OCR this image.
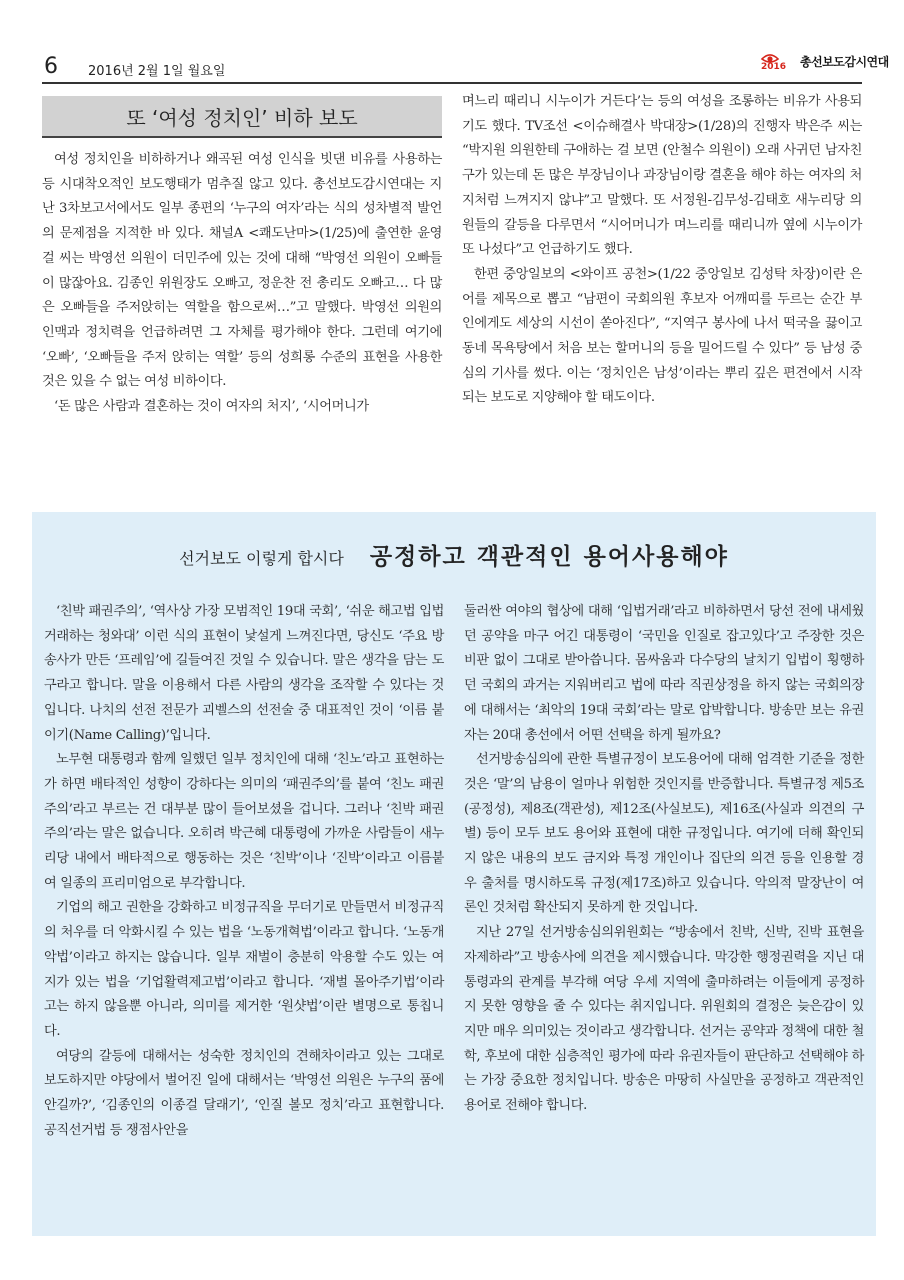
6 2016년 2월 1일 월요일	2016 총선보도감시연대
또 ‘여성 정치인’ 비하 보도

여성 정치인을 비하하거나 왜곡된 여성 인식을 빗댄 비유를 사용하는 등 시대착오적인 보도행태가 멈추질 않고 있다. 총선보도감시연대는 지난 3차보고서에서도 일부 종편의 ‘누구의 여자’라는 식의 성차별적 발언의 문제점을 지적한 바 있다. 채널A <쾌도난마>(1/25)에 출연한 윤영걸 씨는 박영선 의원이 더민주에 있는 것에 대해 “박영선 의원이 오빠들이 많잖아요. 김종인 위원장도 오빠고, 정운찬 전 총리도 오빠고… 다 많은 오빠들을 주저앉히는 역할을 함으로써…”고 말했다. 박영선 의원의 인맥과 정치력을 언급하려면 그 자체를 평가해야 한다. 그런데 여기에 ‘오빠’, ‘오빠들을 주저 앉히는 역할’ 등의 성희롱 수준의 표현을 사용한 것은 있을 수 없는 여성 비하이다.

‘돈 많은 사람과 결혼하는 것이 여자의 처지’, ‘시어머니가

며느리 때리니 시누이가 거든다’는 등의 여성을 조롱하는 비유가 사용되기도 했다. TV조선 <이슈해결사 박대장>(1/28)의 진행자 박은주 씨는 “박지원 의원한테 구애하는 걸 보면 (안철수 의원이) 오래 사귀던 남자친구가 있는데 돈 많은 부장님이나 과장님이랑 결혼을 해야 하는 여자의 처지처럼 느껴지지 않냐”고 말했다. 또 서정원-김무성-김태호 새누리당 의원들의 갈등을 다루면서 “시어머니가 며느리를 때리니까 옆에 시누이가 또 나섰다”고 언급하기도 했다.

한편 중앙일보의 <와이프 공천>(1/22 중앙일보 김성탁 차장)이란 은어를 제목으로 뽑고 “남편이 국회의원 후보자 어깨띠를 두르는 순간 부인에게도 세상의 시선이 쏟아진다”, “지역구 봉사에 나서 떡국을 끓이고 동네 목욕탕에서 처음 보는 할머니의 등을 밀어드릴 수 있다” 등 남성 중심의 기사를 썼다. 이는 ‘정치인은 남성’이라는 뿌리 깊은 편견에서 시작되는 보도로 지양해야 할 태도이다.

선거보도 이렇게 합시다 공정하고 객관적인 용어사용해야

‘친박 패권주의’, ‘역사상 가장 모범적인 19대 국회’, ‘쉬운 해고법 입법 거래하는 청와대’ 이런 식의 표현이 낯설게 느껴진다면, 당신도 ‘주요 방송사가 만든 ‘프레임’에 길들여진 것일 수 있습니다. 말은 생각을 담는 도구라고 합니다. 말을 이용해서 다른 사람의 생각을 조작할 수 있다는 것입니다. 나치의 선전 전문가 괴벨스의 선전술 중 대표적인 것이 ‘이름 붙이기(Name Calling)’입니다.

노무현 대통령과 함께 일했던 일부 정치인에 대해 ‘친노’라고 표현하는가 하면 배타적인 성향이 강하다는 의미의 ‘패권주의’를 붙여 ‘친노 패권주의’라고 부르는 건 대부분 많이 들어보셨을 겁니다. 그러나 ‘친박 패권주의’라는 말은 없습니다. 오히려 박근혜 대통령에 가까운 사람들이 새누리당 내에서 배타적으로 행동하는 것은 ‘친박’이나 ‘진박’이라고 이름붙여 일종의 프리미엄으로 부각합니다.

기업의 해고 권한을 강화하고 비정규직을 무더기로 만들면서 비정규직의 처우를 더 악화시킬 수 있는 법을 ‘노동개혁법’이라고 합니다. ‘노동개악법’이라고 하지는 않습니다. 일부 재벌이 충분히 악용할 수도 있는 여지가 있는 법을 ‘기업활력제고법’이라고 합니다. ‘재벌 몰아주기법’이라고는 하지 않을뿐 아니라, 의미를 제거한 ‘원샷법’이란 별명으로 통칩니다.

여당의 갈등에 대해서는 성숙한 정치인의 견해차이라고 있는 그대로 보도하지만 야당에서 벌어진 일에 대해서는 ‘박영선 의원은 누구의 품에 안길까?’, ‘김종인의 이종걸 달래기’, ‘인질 볼모 정치’라고 표현합니다. 공직선거법 등 쟁점사안을

둘러싼 여야의 협상에 대해 ‘입법거래’라고 비하하면서 당선 전에 내세웠던 공약을 마구 어긴 대통령이 ‘국민을 인질로 잡고있다’고 주장한 것은 비판 없이 그대로 받아씁니다. 몸싸움과 다수당의 날치기 입법이 횡행하던 국회의 과거는 지워버리고 법에 따라 직권상정을 하지 않는 국회의장에 대해서는 ‘최악의 19대 국회’라는 말로 압박합니다. 방송만 보는 유권자는 20대 총선에서 어떤 선택을 하게 될까요?

선거방송심의에 관한 특별규정이 보도용어에 대해 엄격한 기준을 정한 것은 ‘말’의 남용이 얼마나 위험한 것인지를 반증합니다. 특별규정 제5조(공정성), 제8조(객관성), 제12조(사실보도), 제16조(사실과 의견의 구별) 등이 모두 보도 용어와 표현에 대한 규정입니다. 여기에 더해 확인되지 않은 내용의 보도 금지와 특정 개인이나 집단의 의견 등을 인용할 경우 출처를 명시하도록 규정(제17조)하고 있습니다. 악의적 말장난이 여론인 것처럼 확산되지 못하게 한 것입니다.

지난 27일 선거방송심의위원회는 “방송에서 친박, 신박, 진박 표현을 자제하라”고 방송사에 의견을 제시했습니다. 막강한 행정권력을 지닌 대통령과의 관계를 부각해 여당 우세 지역에 출마하려는 이들에게 공정하지 못한 영향을 줄 수 있다는 취지입니다. 위원회의 결정은 늦은감이 있지만 매우 의미있는 것이라고 생각합니다. 선거는 공약과 정책에 대한 철학, 후보에 대한 심층적인 평가에 따라 유권자들이 판단하고 선택해야 하는 가장 중요한 정치입니다. 방송은 마땅히 사실만을 공정하고 객관적인 용어로 전해야 합니다.
